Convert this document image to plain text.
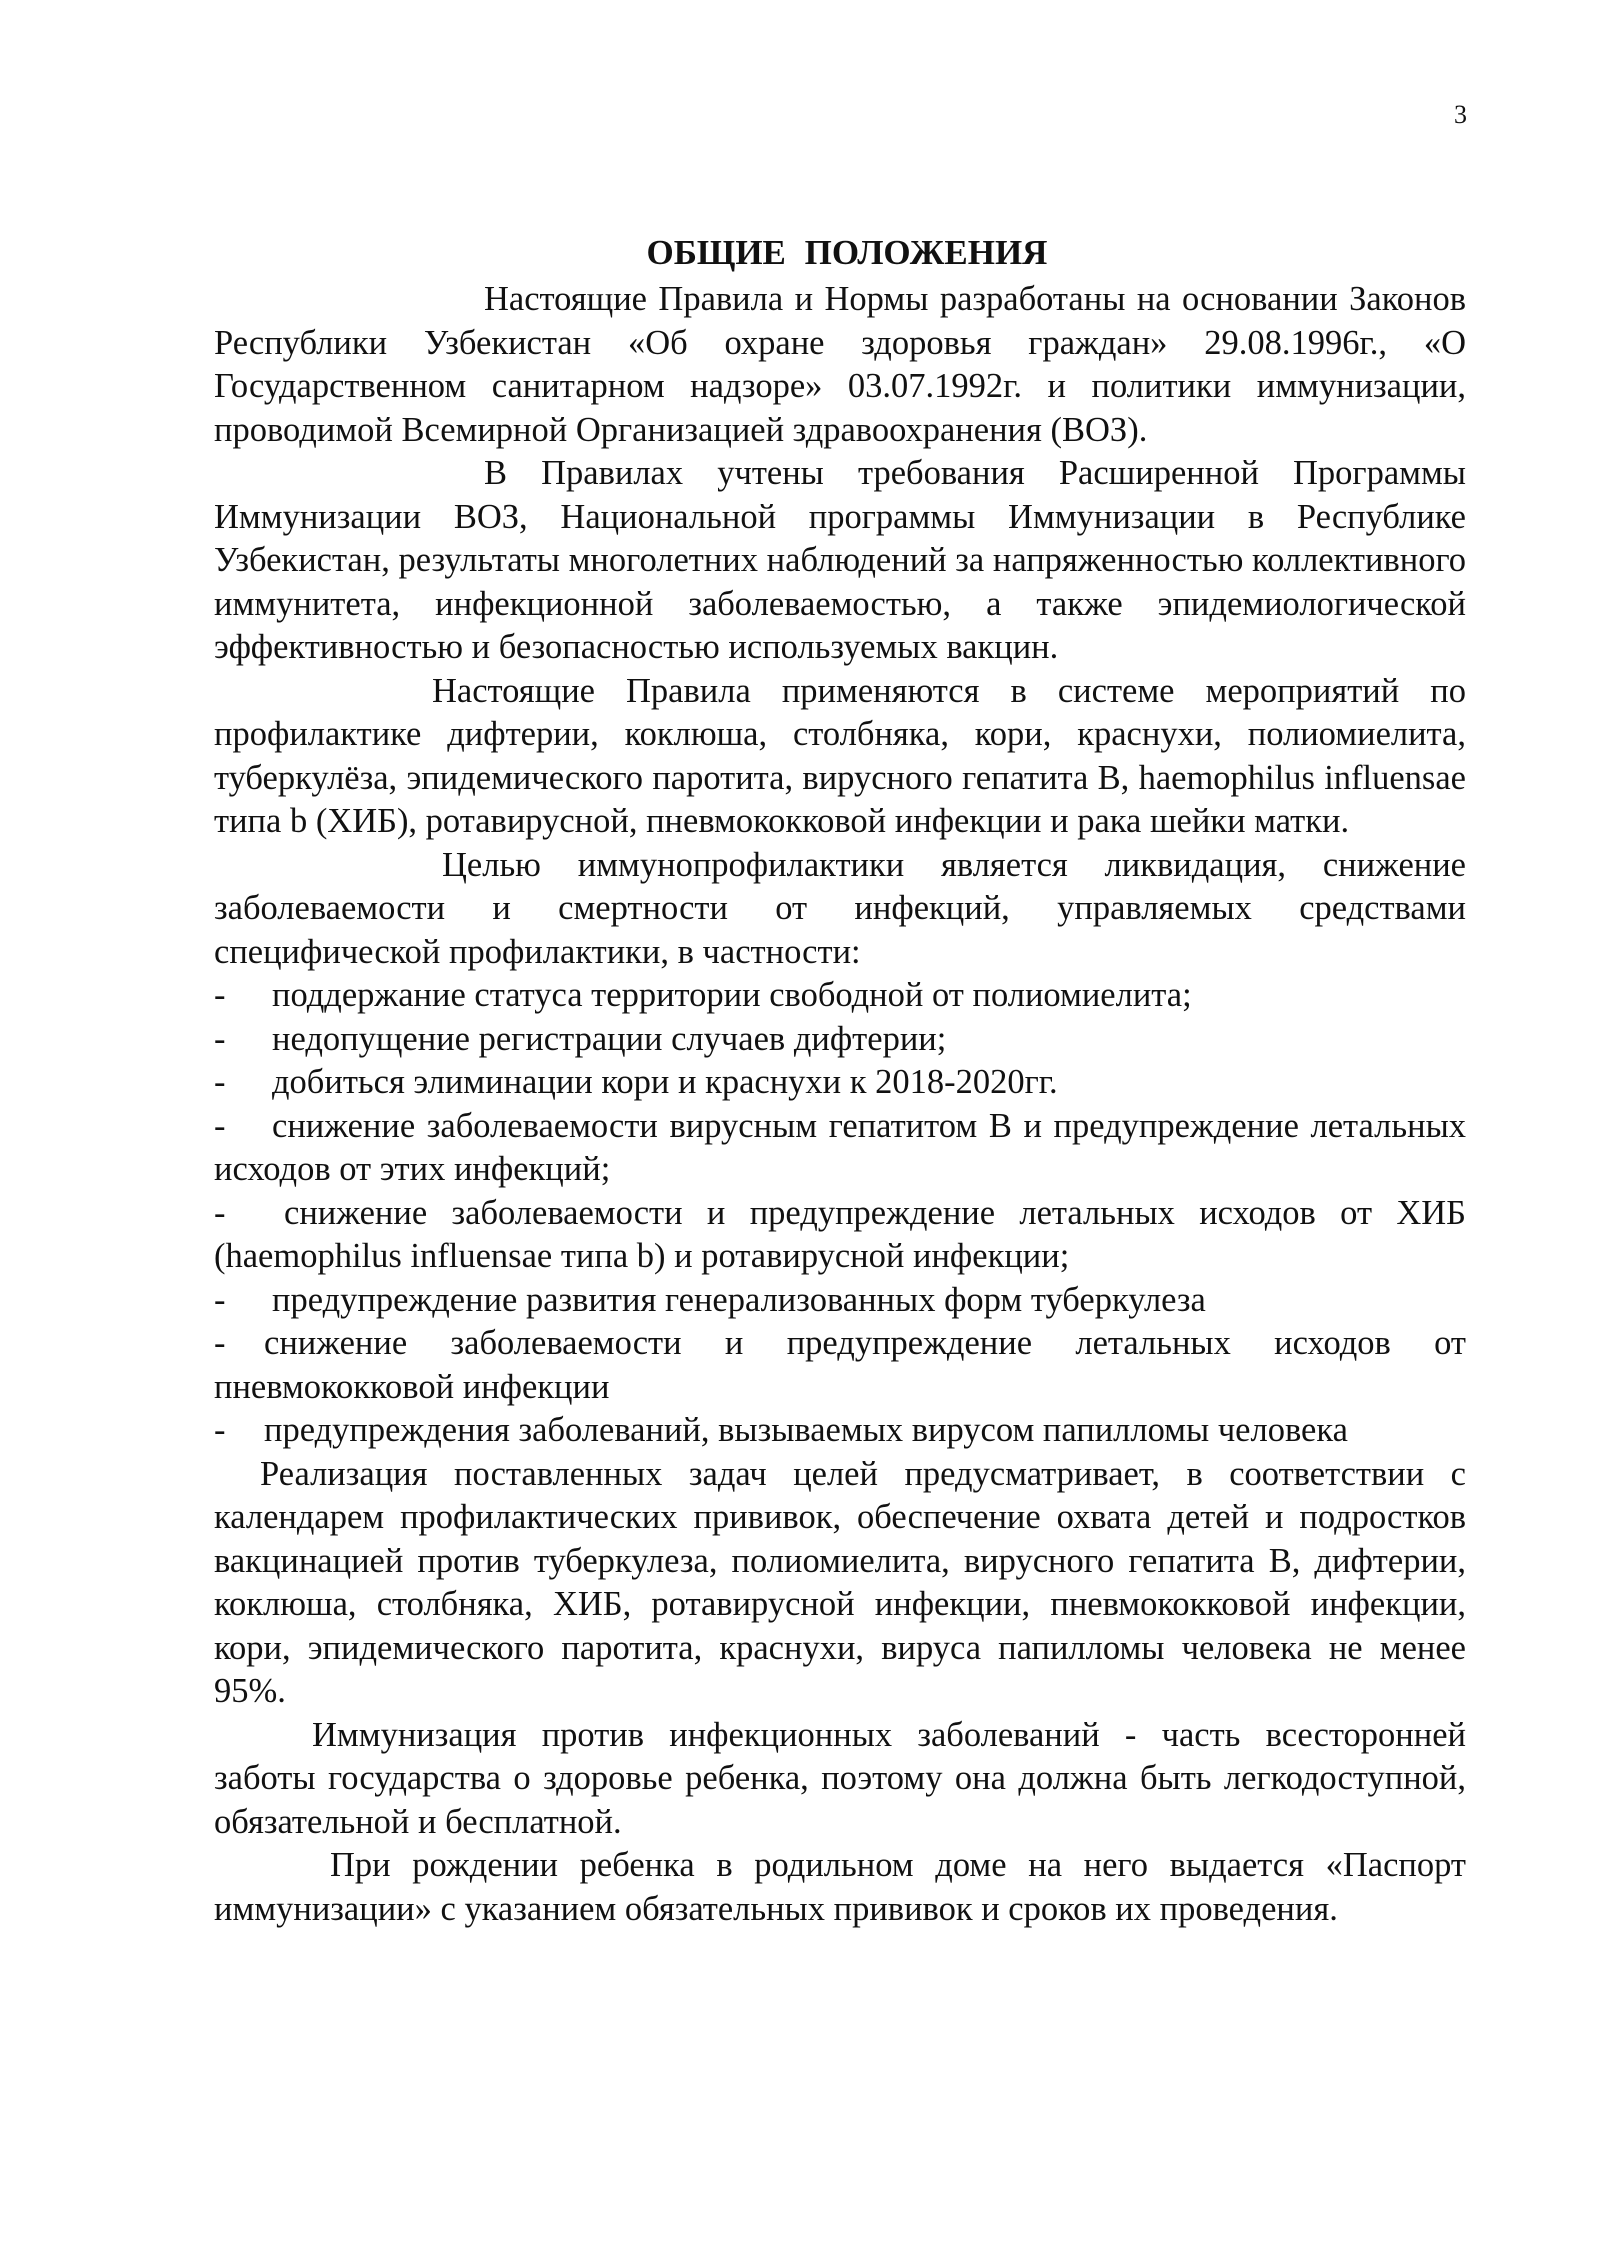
3
ОБЩИЕ ПОЛОЖЕНИЯ

Настоящие Правила и Нормы разработаны на основании Законов Республики Узбекистан «Об охране здоровья граждан» 29.08.1996г., «О Государственном санитарном надзоре» 03.07.1992г. и политики иммунизации, проводимой Всемирной Организацией здравоохранения (ВОЗ).

В Правилах учтены требования Расширенной Программы Иммунизации ВОЗ, Национальной программы Иммунизации в Республике Узбекистан, результаты многолетних наблюдений за напряженностью коллективного иммунитета, инфекционной заболеваемостью, а также эпидемиологической эффективностью и безопасностью используемых вакцин.

Настоящие Правила применяются в системе мероприятий по профилактике дифтерии, коклюша, столбняка, кори, краснухи, полиомиелита, туберкулёза, эпидемического паротита, вирусного гепатита В, haemophilus influensae типа b (ХИБ), ротавирусной, пневмококковой инфекции и рака шейки матки.

Целью иммунопрофилактики является ликвидация, снижение заболеваемости и смертности от инфекций, управляемых средствами специфической профилактики, в частности:

- поддержание статуса территории свободной от полиомиелита;
- недопущение регистрации случаев дифтерии;
- добиться элиминации кори и краснухи к 2018-2020гг.
- снижение заболеваемости вирусным гепатитом В и предупреждение летальных исходов от этих инфекций;
- снижение заболеваемости и предупреждение летальных исходов от ХИБ (haemophilus influensae типа b) и ротавирусной инфекции;
- предупреждение развития генерализованных форм туберкулеза
- снижение заболеваемости и предупреждение летальных исходов от пневмококковой инфекции
- предупреждения заболеваний, вызываемых вирусом папилломы человека

Реализация поставленных задач целей предусматривает, в соответствии с календарем профилактических прививок, обеспечение охвата детей и подростков вакцинацией против туберкулеза, полиомиелита, вирусного гепатита В, дифтерии, коклюша, столбняка, ХИБ, ротавирусной инфекции, пневмококковой инфекции, кори, эпидемического паротита, краснухи, вируса папилломы человека не менее 95%.

Иммунизация против инфекционных заболеваний - часть всесторонней заботы государства о здоровье ребенка, поэтому она должна быть легкодоступной, обязательной и бесплатной.

При рождении ребенка в родильном доме на него выдается «Паспорт иммунизации» с указанием обязательных прививок и сроков их проведения.
